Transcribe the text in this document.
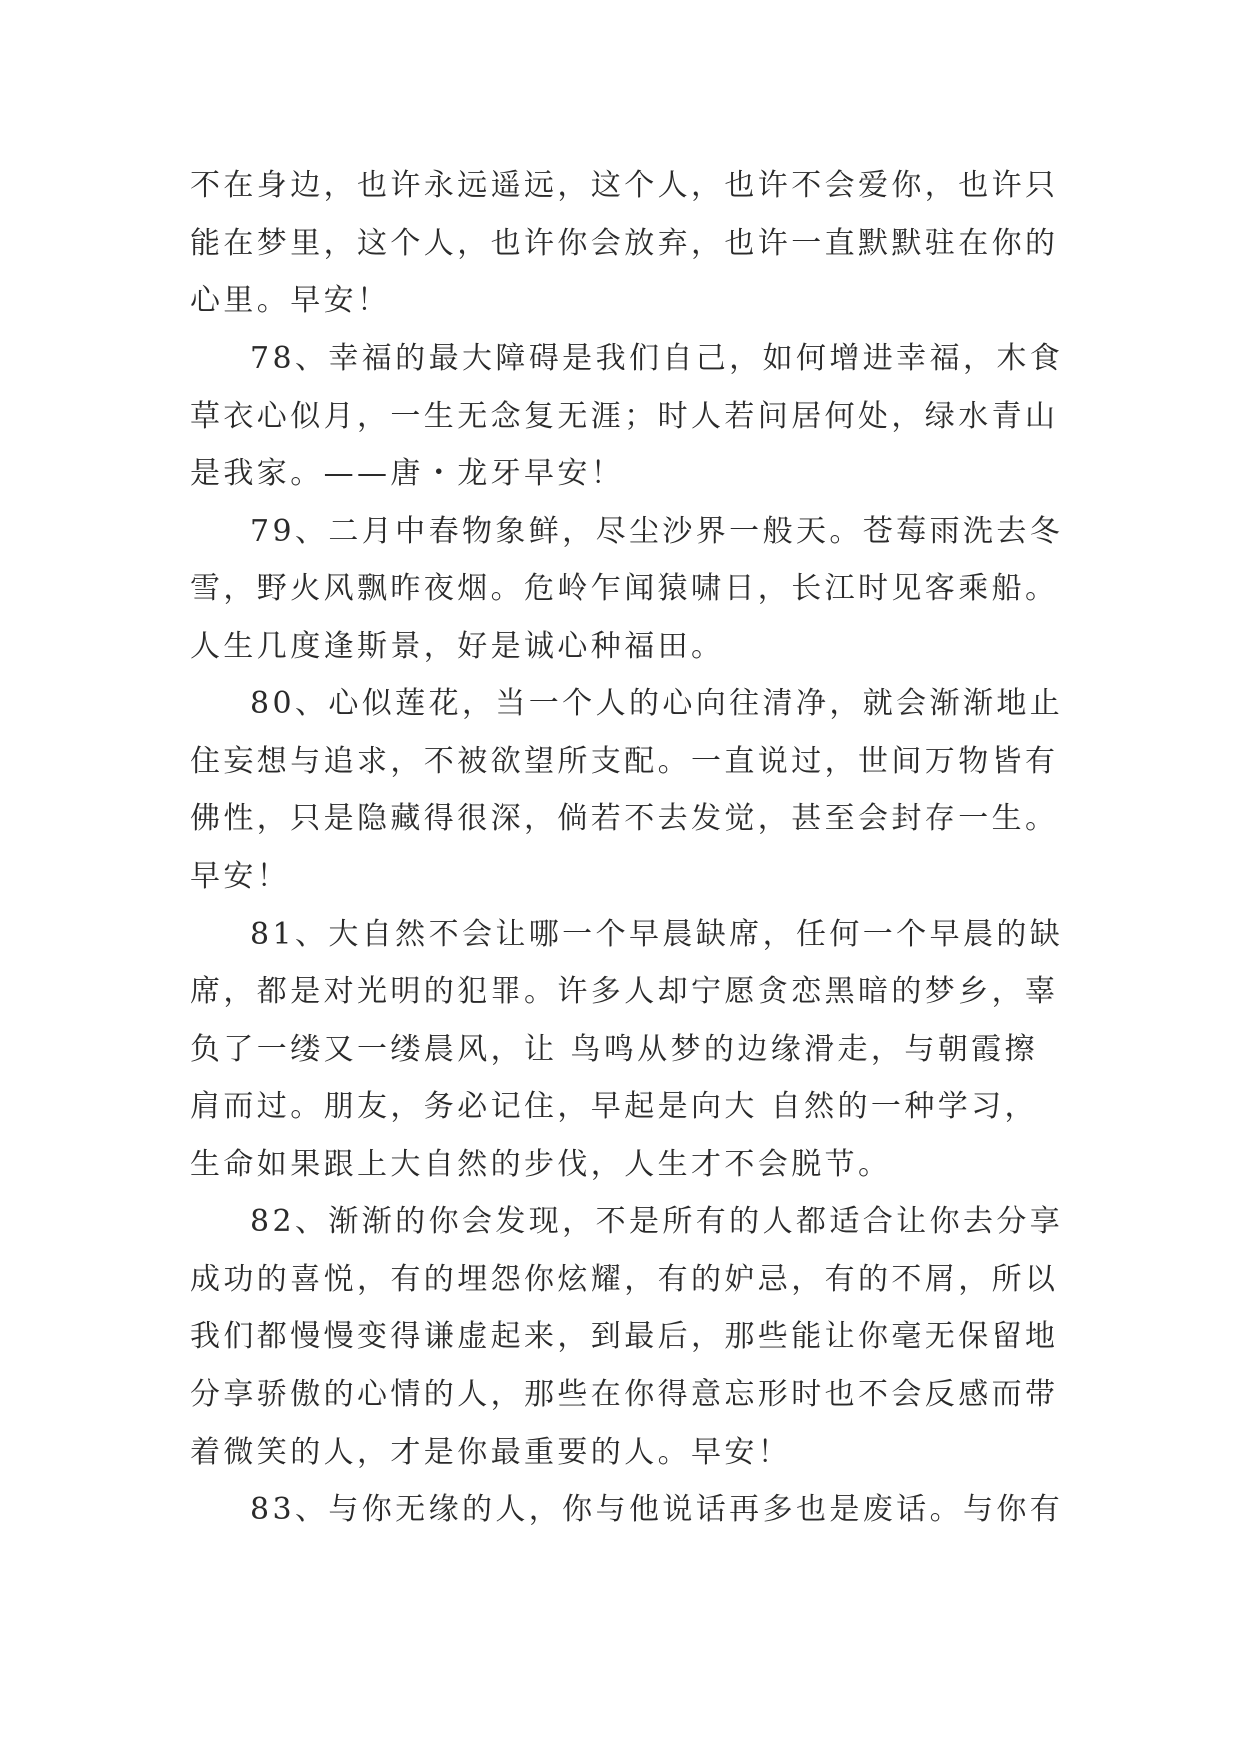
不在身边，也许永远遥远，这个人，也许不会爱你，也许只
能在梦里，这个人，也许你会放弃，也许一直默默驻在你的
心里。早安！
78、幸福的最大障碍是我们自己，如何增进幸福，木食
草衣心似月，一生无念复无涯；时人若问居何处，绿水青山
是我家。——唐・龙牙早安！
79、二月中春物象鲜，尽尘沙界一般天。苍莓雨洗去冬
雪，野火风飘昨夜烟。危岭乍闻猿啸日，长江时见客乘船。
人生几度逢斯景，好是诚心种福田。
80、心似莲花，当一个人的心向往清净，就会渐渐地止
住妄想与追求，不被欲望所支配。一直说过，世间万物皆有
佛性，只是隐藏得很深，倘若不去发觉，甚至会封存一生。
早安！
81、大自然不会让哪一个早晨缺席，任何一个早晨的缺
席，都是对光明的犯罪。许多人却宁愿贪恋黑暗的梦乡，辜
负了一缕又一缕晨风，让 鸟鸣从梦的边缘滑走，与朝霞擦
肩而过。朋友，务必记住，早起是向大 自然的一种学习，
生命如果跟上大自然的步伐，人生才不会脱节。
82、渐渐的你会发现，不是所有的人都适合让你去分享
成功的喜悦，有的埋怨你炫耀，有的妒忌，有的不屑，所以
我们都慢慢变得谦虚起来，到最后，那些能让你毫无保留地
分享骄傲的心情的人，那些在你得意忘形时也不会反感而带
着微笑的人，才是你最重要的人。早安！
83、与你无缘的人，你与他说话再多也是废话。与你有
